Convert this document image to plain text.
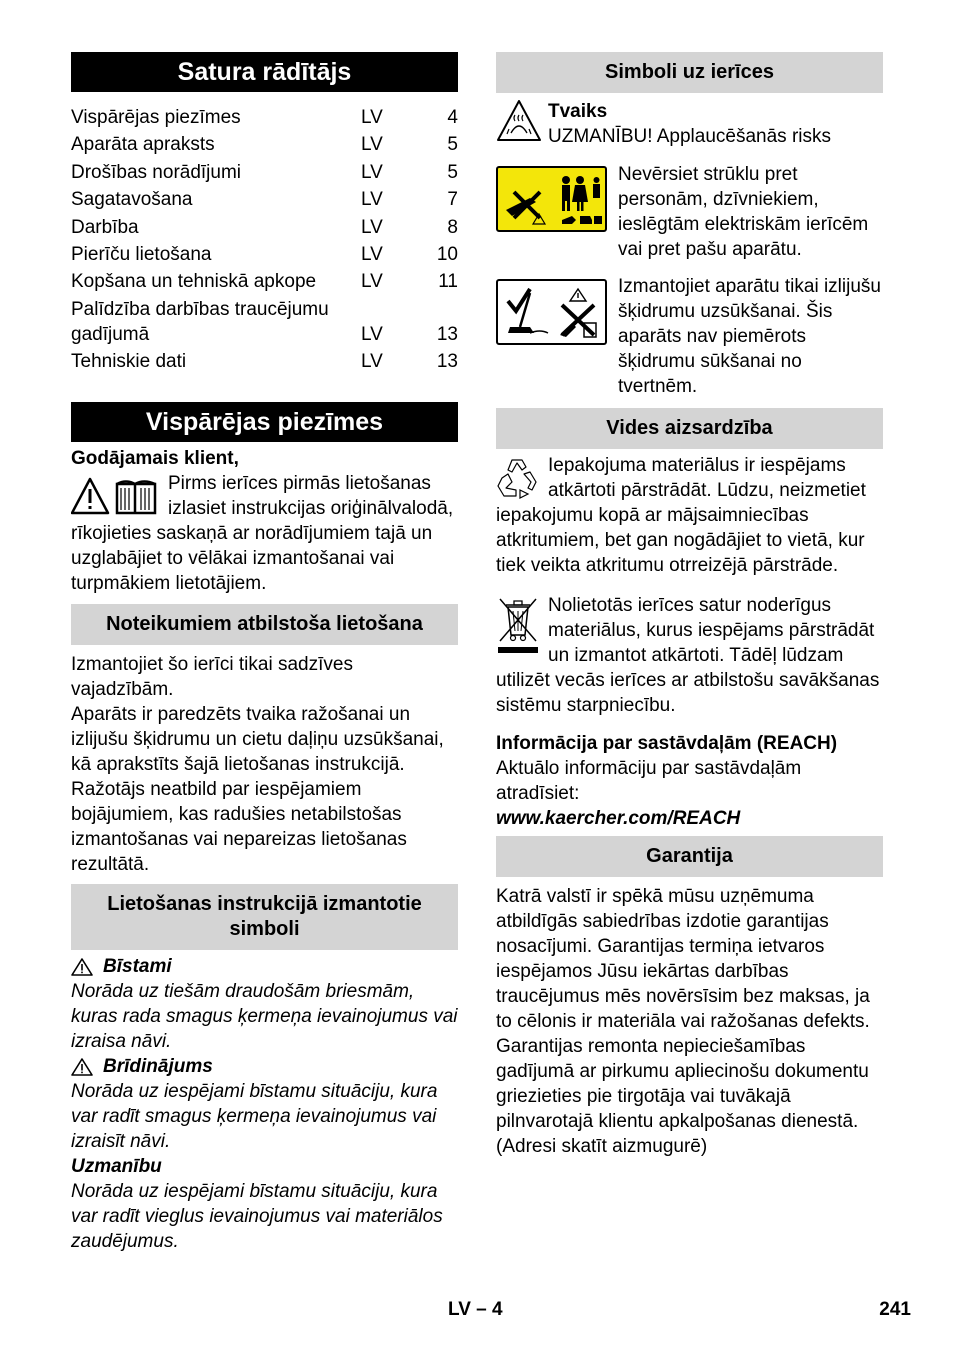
Satura rādītājs
Vispārējas piezīmes	LV	4
Aparāta apraksts	LV	5
Drošības norādījumi	LV	5
Sagatavošana	LV	7
Darbība	LV	8
Pierīču lietošana	LV	10
Kopšana un tehniskā apkope	LV	11
Palīdzība darbības traucējumu gadījumā	LV	13
Tehniskie dati	LV	13
Vispārējas piezīmes

Godājamais klient,

Pirms ierīces pirmās lietošanas izlasiet instrukcijas oriģinālvalodā, rīkojieties saskaņā ar norādījumiem tajā un uzglabājiet to vēlākai izmantošanai vai turpmākiem lietotājiem.
Noteikumiem atbilstoša lietošana

Izmantojiet šo ierīci tikai sadzīves vajadzībām.

Aparāts ir paredzēts tvaika ražošanai un izlijušu šķidrumu un cietu daļiņu uzsūkšanai, kā aprakstīts šajā lietošanas instrukcijā. Ražotājs neatbild par iespējamiem bojājumiem, kas radušies netabilstošas izmantošanas vai nepareizas lietošanas rezultātā.

Lietošanas instrukcijā izmantotie simboli
Bīstami

Norāda uz tiešām draudošām briesmām, kuras rada smagus ķermeņa ievainojumus vai izraisa nāvi.

Brīdinājums

Norāda uz iespējami bīstamu situāciju, kura var radīt smagus ķermeņa ievainojumus vai izraisīt nāvi.

Uzmanību

Norāda uz iespējami bīstamu situāciju, kura var radīt vieglus ievainojumus vai materiālos zaudējumus.

Simboli uz ierīces

Tvaiks

UZMANĪBU! Applaucēšanās risks

Nevērsiet strūklu pret personām, dzīvniekiem, ieslēgtām elektriskām ierīcēm vai pret pašu aparātu.

Izmantojiet aparātu tikai izlijušu šķidrumu uzsūkšanai. Šis aparāts nav piemērots šķidrumu sūkšanai no tvertnēm.

Vides aizsardzība
Iepakojuma materiālus ir iespējams atkārtoti pārstrādāt. Lūdzu, neizmetiet iepakojumu kopā ar mājsaimniecības atkritumiem, bet gan nogādājiet to vietā, kur tiek veikta atkritumu otrreizējā pārstrāde.
Nolietotās ierīces satur noderīgus materiālus, kurus iespējams pārstrādāt un izmantot atkārtoti. Tādēļ lūdzam utilizēt vecās ierīces ar atbilstošu savākšanas sistēmu starpniecību.

Informācija par sastāvdaļām (REACH)

Aktuālo informāciju par sastāvdaļām atradīsiet:

www.kaercher.com/REACH

Garantija

Katrā valstī ir spēkā mūsu uzņēmuma atbildīgās sabiedrības izdotie garantijas nosacījumi. Garantijas termiņa ietvaros iespējamos Jūsu iekārtas darbības traucējumus mēs novērsīsim bez maksas, ja to cēlonis ir materiāla vai ražošanas defekts. Garantijas remonta nepieciešamības gadījumā ar pirkumu apliecinošu dokumentu griezieties pie tirgotāja vai tuvākajā pilnvarotajā klientu apkalpošanas dienestā. (Adresi skatīt aizmugurē)

LV – 4	241
